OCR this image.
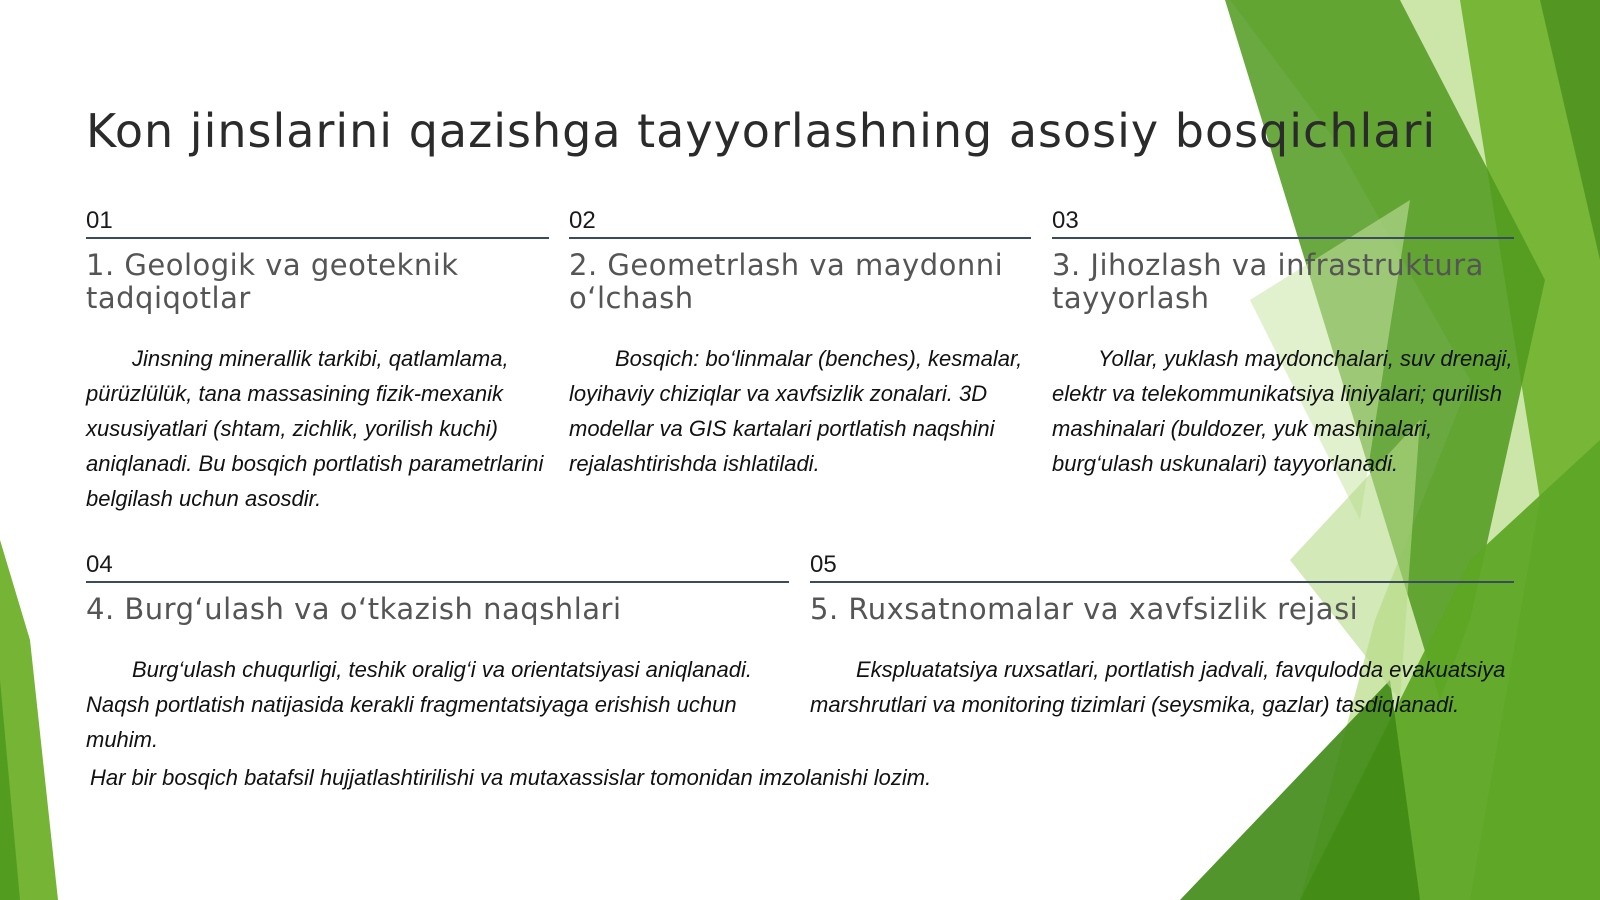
Kon jinslarini qazishga tayyorlashning asosiy bosqichlari
01
1. Geologik va geoteknik tadqiqotlar

Jinsning minerallik tarkibi, qatlamlama, pürüzlülük, tana massasining fizik-mexanik xususiyatlari (shtam, zichlik, yorilish kuchi) aniqlanadi. Bu bosqich portlatish parametrlarini belgilash uchun asosdir.

02
2. Geometrlash va maydonni o‘lchash

Bosqich: bo‘linmalar (benches), kesmalar, loyihaviy chiziqlar va xavfsizlik zonalari. 3D modellar va GIS kartalari portlatish naqshini rejalashtirishda ishlatiladi.

03
3. Jihozlash va infrastruktura tayyorlash

Yollar, yuklash maydonchalari, suv drenaji, elektr va telekommunikatsiya liniyalari; qurilish mashinalari (buldozer, yuk mashinalari, burg‘ulash uskunalari) tayyorlanadi.

04
4. Burg‘ulash va o‘tkazish naqshlari

Burg‘ulash chuqurligi, teshik oralig‘i va orientatsiyasi aniqlanadi. Naqsh portlatish natijasida kerakli fragmentatsiyaga erishish uchun muhim.

05
5. Ruxsatnomalar va xavfsizlik rejasi

Ekspluatatsiya ruxsatlari, portlatish jadvali, favqulodda evakuatsiya marshrutlari va monitoring tizimlari (seysmika, gazlar) tasdiqlanadi.

Har bir bosqich batafsil hujjatlashtirilishi va mutaxassislar tomonidan imzolanishi lozim.
